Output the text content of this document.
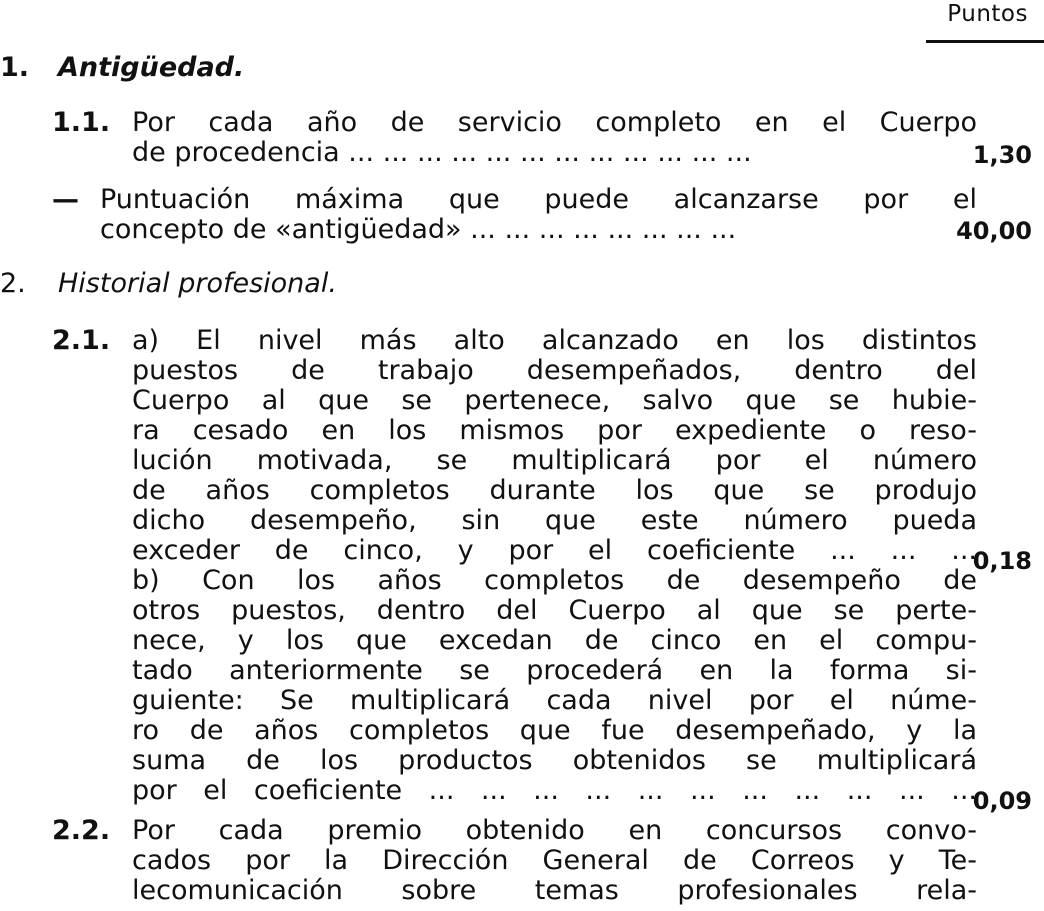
Puntos
1. Antigüedad.
1.1. Por cada año de servicio completo en el Cuerpo
de procedencia ... ... ... ... ... ... ... ... ... ... ... ...	1,30
— Puntuación máxima que puede alcanzarse por el
concepto de «antigüedad» ... ... ... ... ... ... ... ...	40,00
2. Historial profesional.
2.1. a) El nivel más alto alcanzado en los distintos
puestos de trabajo desempeñados, dentro del
Cuerpo al que se pertenece, salvo que se hubie-
ra cesado en los mismos por expediente o reso-
lución motivada, se multiplicará por el número
de años completos durante los que se produjo
dicho desempeño, sin que este número pueda
exceder de cinco, y por el coeficiente ... ... ...
b) Con los años completos de desempeño de
otros puestos, dentro del Cuerpo al que se perte-
nece, y los que excedan de cinco en el compu-
tado anteriormente se procederá en la forma si-
guiente: Se multiplicará cada nivel por el núme-
ro de años completos que fue desempeñado, y la
suma de los productos obtenidos se multiplicará
por el coeficiente ... ... ... ... ... ... ... ... ... ... ...
0,18
0,09
2.2. Por cada premio obtenido en concursos convo-
cados por la Dirección General de Correos y Te-
lecomunicación sobre temas profesionales rela-
